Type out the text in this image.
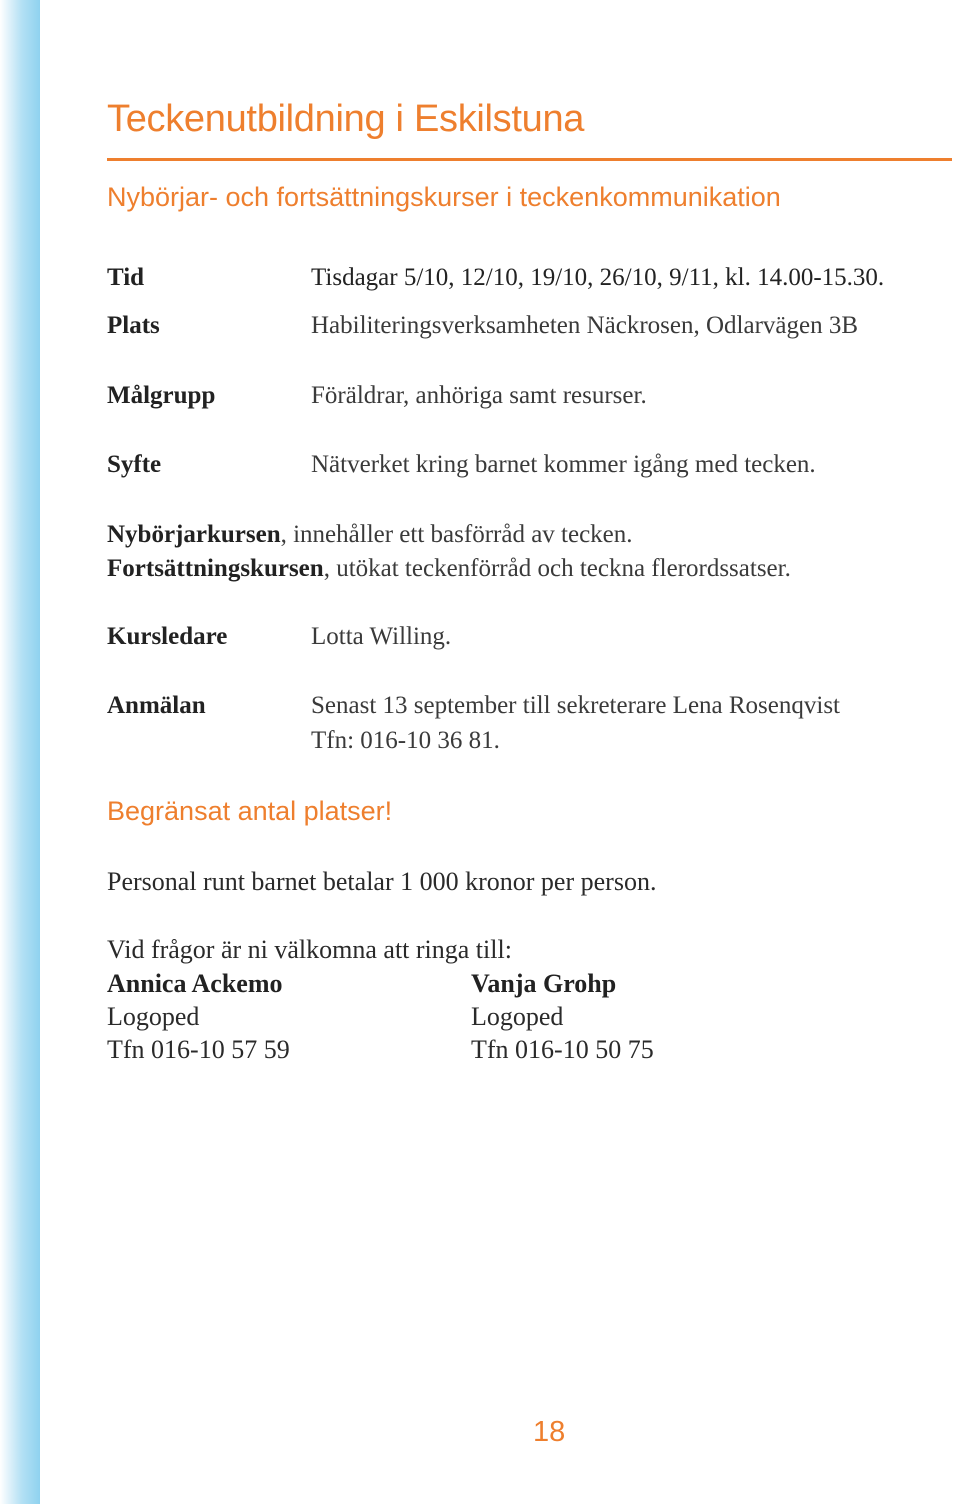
Teckenutbildning i Eskilstuna
Nybörjar- och fortsättningskurser i teckenkommunikation
Tid	Tisdagar 5/10, 12/10, 19/10, 26/10, 9/11, kl. 14.00-15.30.
Plats	Habiliteringsverksamheten Näckrosen, Odlarvägen 3B
Målgrupp	Föräldrar, anhöriga samt resurser.
Syfte	Nätverket kring barnet kommer igång med tecken.
Nybörjarkursen, innehåller ett basförråd av tecken.
Fortsättningskursen, utökat teckenförråd och teckna flerordssatser.
Kursledare	Lotta Willing.
Anmälan	Senast 13 september till sekreterare Lena Rosenqvist
Tfn: 016-10 36 81.
Begränsat antal platser!
Personal runt barnet betalar 1 000 kronor per person.
Vid frågor är ni välkomna att ringa till:
Annica Ackemo
Logoped
Tfn 016-10 57 59
Vanja Grohp
Logoped
Tfn 016-10 50 75
18
